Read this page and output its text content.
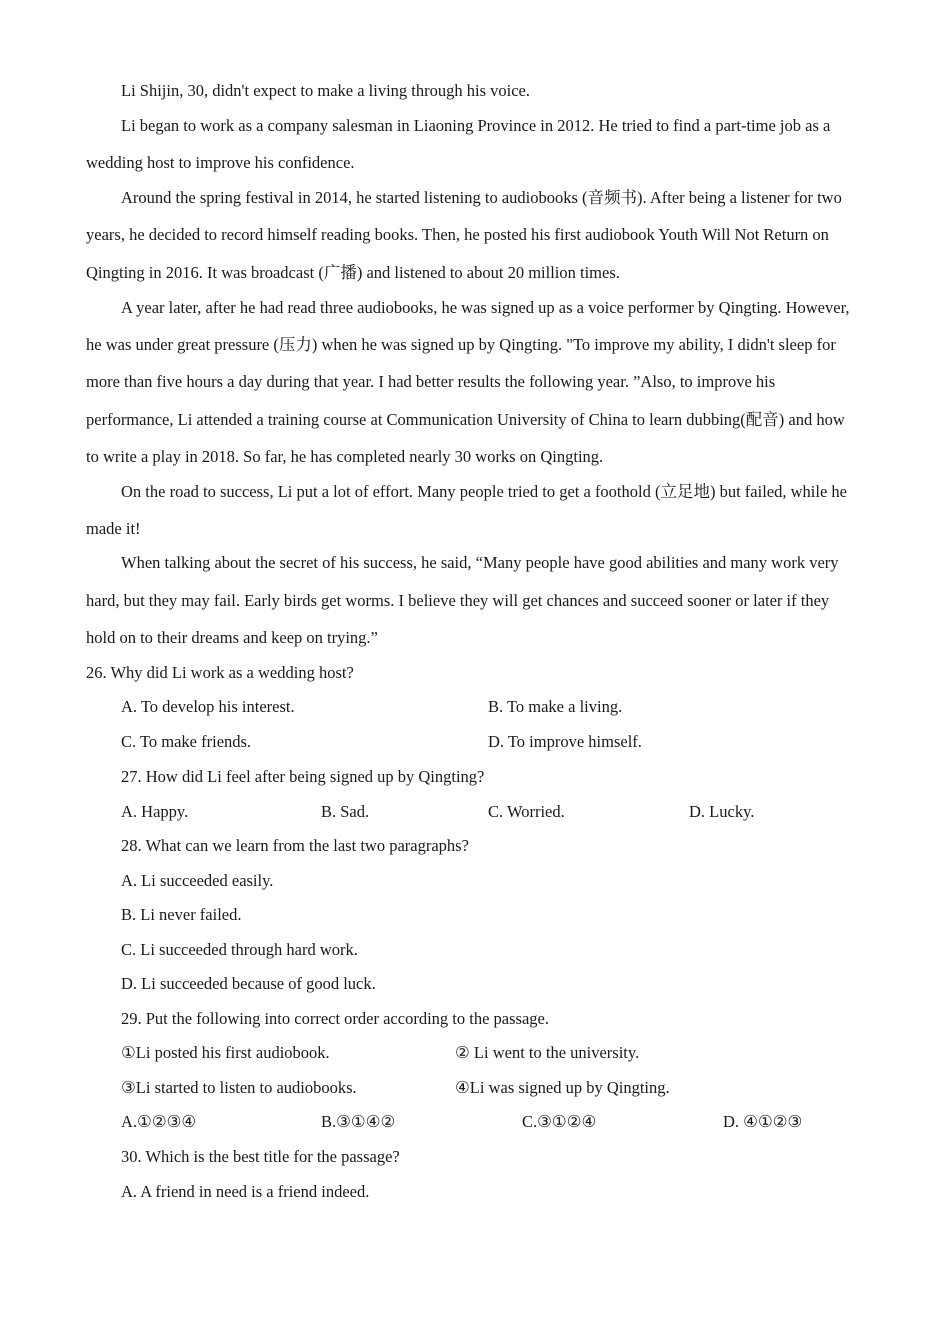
Li Shijin, 30, didn't expect to make a living through his voice.
Li began to work as a company salesman in Liaoning Province in 2012. He tried to find a part-time job as a
wedding host to improve his confidence.
Around the spring festival in 2014, he started listening to audiobooks (音频书). After being a listener for two
years, he decided to record himself reading books. Then, he posted his first audiobook Youth Will Not Return on
Qingting in 2016. It was broadcast (广播) and listened to about 20 million times.
A year later, after he had read three audiobooks, he was signed up as a voice performer by Qingting. However,
he was under great pressure (压力) when he was signed up by Qingting. "To improve my ability, I didn't sleep for
more than five hours a day during that year. I had better results the following year. ”Also, to improve his
performance, Li attended a training course at Communication University of China to learn dubbing(配音) and how
to write a play in 2018. So far, he has completed nearly 30 works on Qingting.
On the road to success, Li put a lot of effort. Many people tried to get a foothold (立足地) but failed, while he
made it!
When talking about the secret of his success, he said, “Many people have good abilities and many work very
hard, but they may fail. Early birds get worms. I believe they will get chances and succeed sooner or later if they
hold on to their dreams and keep on trying.”
26. Why did Li work as a wedding host?
A. To develop his interest.	B. To make a living.
C. To make friends.	D. To improve himself.
27. How did Li feel after being signed up by Qingting?
A. Happy.	B. Sad.	C. Worried.	D. Lucky.
28. What can we learn from the last two paragraphs?
A. Li succeeded easily.
B. Li never failed.
C. Li succeeded through hard work.
D. Li succeeded because of good luck.
29. Put the following into correct order according to the passage.
①Li posted his first audiobook.	② Li went to the university.
③Li started to listen to audiobooks.	④Li was signed up by Qingting.
A.①②③④	B.③①④②	C.③①②④	D. ④①②③
30. Which is the best title for the passage?
A. A friend in need is a friend indeed.
